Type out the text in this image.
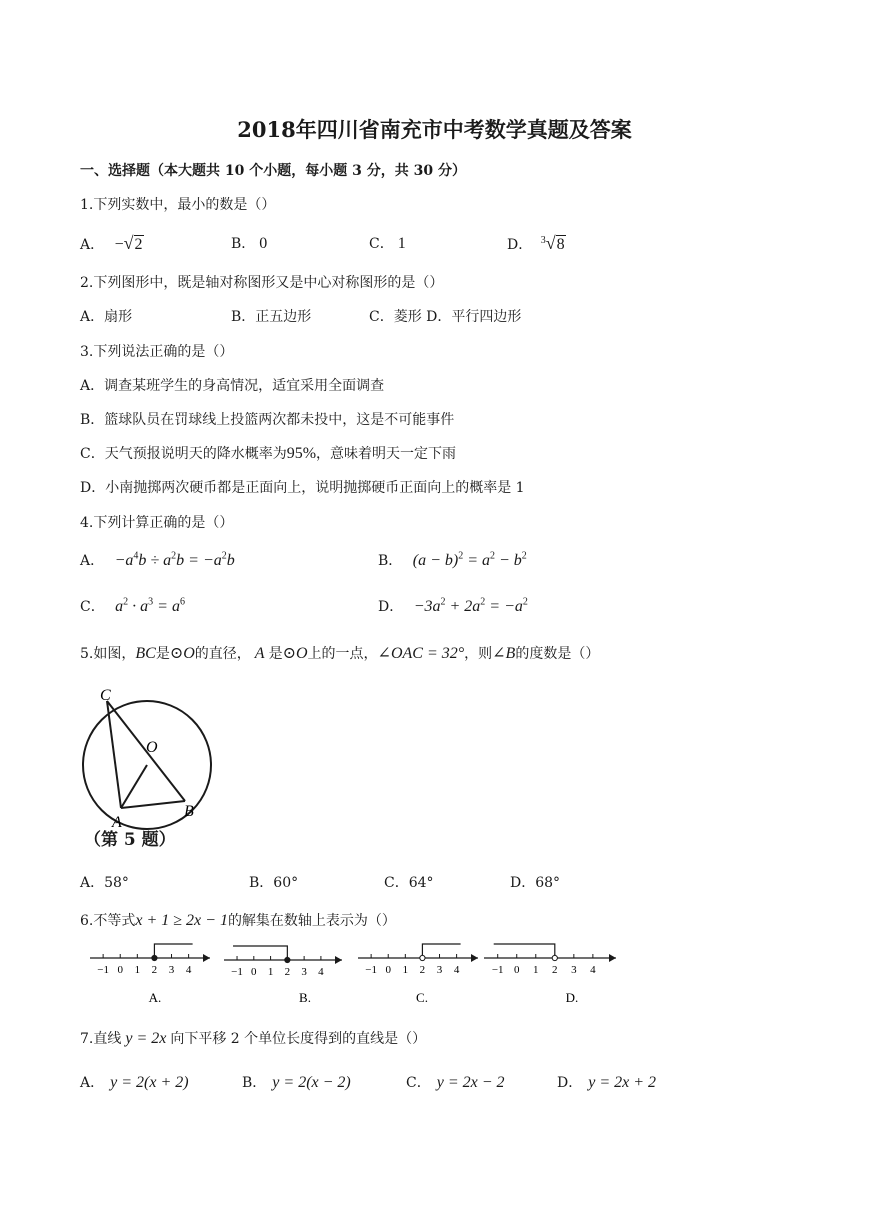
2018年四川省南充市中考数学真题及答案
一、选择题（本大题共 10 个小题，每小题 3 分，共 30 分）
1.下列实数中，最小的数是（）
A． −√2	B． 0	C． 1	D． $^3$√8
2.下列图形中，既是轴对称图形又是中心对称图形的是（）
A．扇形	B．正五边形	C．菱形 D．平行四边形
3.下列说法正确的是（）
A．调查某班学生的身高情况，适宜采用全面调查
B．篮球队员在罚球线上投篮两次都未投中，这是不可能事件
C．天气预报说明天的降水概率为95%，意味着明天一定下雨
D．小南抛掷两次硬币都是正面向上，说明抛掷硬币正面向上的概率是 1
4.下列计算正确的是（）
A． $-a^4b \div a^2b = -a^2b$	B． $(a - b)^2 = a^2 - b^2$
C． $a^2 \cdot a^3 = a^6$	D． $-3a^2 + 2a^2 = -a^2$
5.如图，BC是⊙O的直径， A 是⊙O上的一点，∠OAC = 32°，则∠B的度数是（）
C
O
A
B
（第 5 题）
A．58°	B．60°	C．64°	D．68°
6.不等式x + 1 ≥ 2x − 1的解集在数轴上表示为（）
−1 0 1 2 3 4
A.
−1 0 1 2 3 4
B.
−1 0 1 2 3 4
C.
−1 0 1 2 3 4
D.
7.直线 y = 2x 向下平移 2 个单位长度得到的直线是（）
A． y = 2(x + 2)	B． y = 2(x − 2)	C． y = 2x − 2	D． y = 2x + 2
